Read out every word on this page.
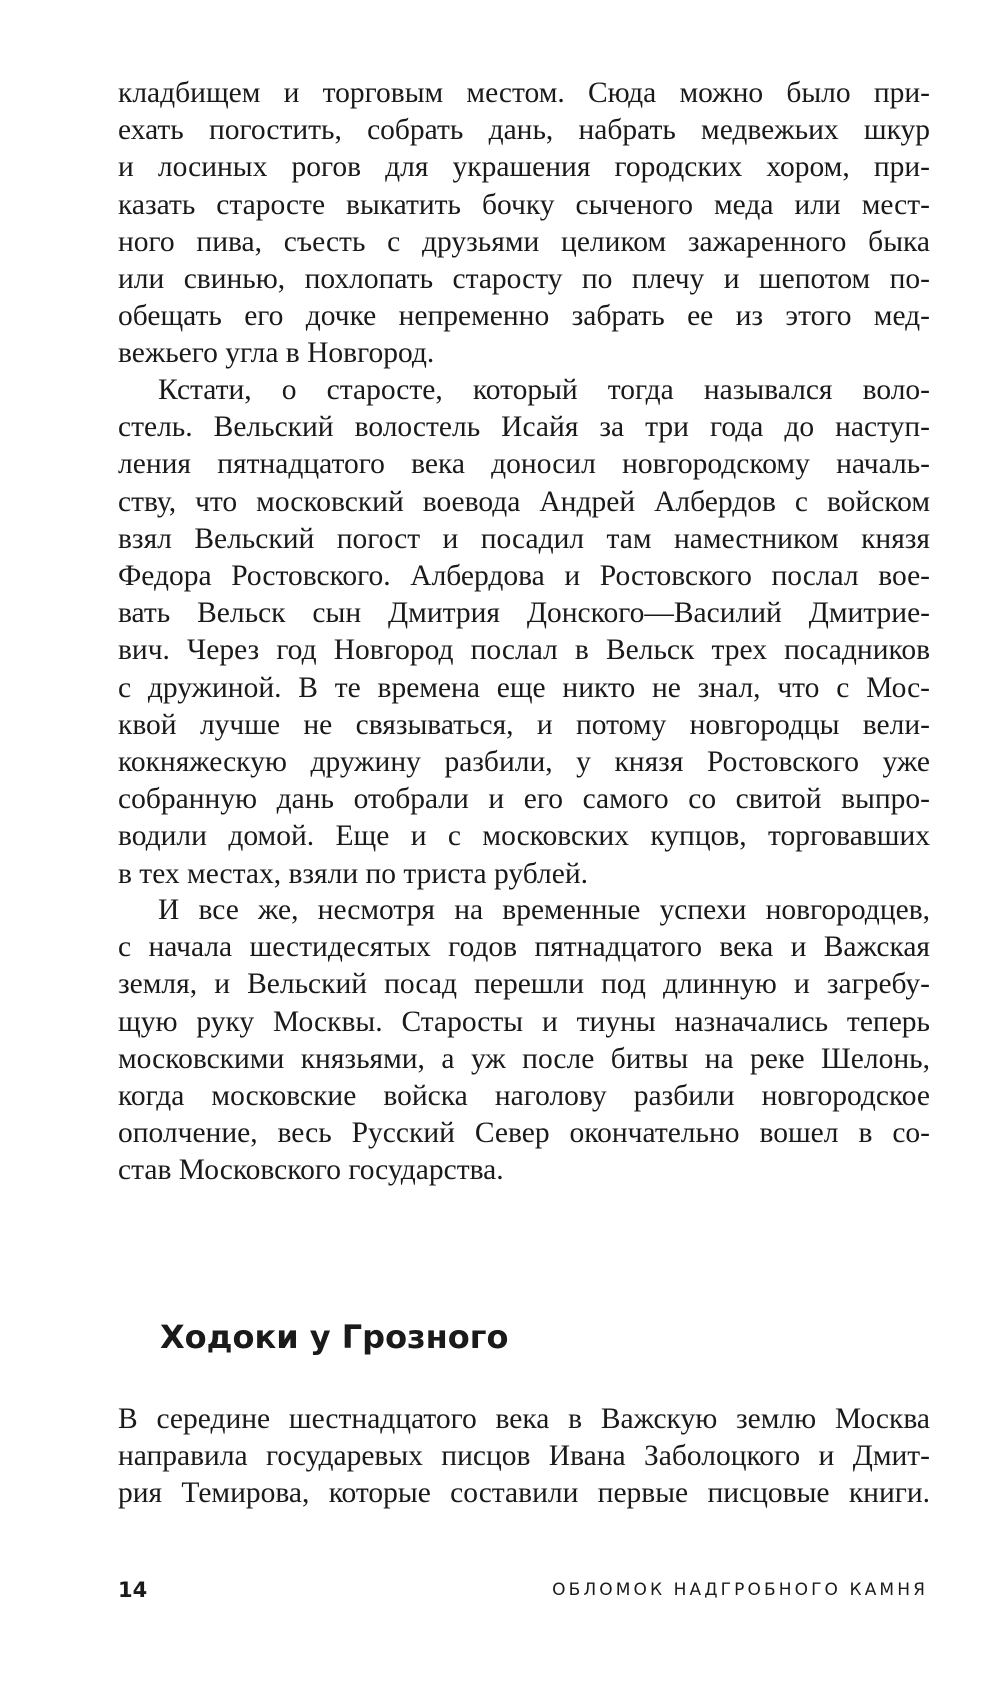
кладбищем и торговым местом. Сюда можно было при-
ехать погостить, собрать дань, набрать медвежьих шкур
и лосиных рогов для украшения городских хором, при-
казать старосте выкатить бочку сыченого меда или мест-
ного пива, съесть с друзьями целиком зажаренного быка
или свинью, похлопать старосту по плечу и шепотом по-
обещать его дочке непременно забрать ее из этого мед-
вежьего угла в Новгород.
Кстати, о старосте, который тогда назывался воло-
стель. Вельский волостель Исайя за три года до наступ-
ления пятнадцатого века доносил новгородскому началь-
ству, что московский воевода Андрей Албердов с войском
взял Вельский погост и посадил там наместником князя
Федора Ростовского. Албердова и Ростовского послал вое-
вать Вельск сын Дмитрия Донского—Василий Дмитрие-
вич. Через год Новгород послал в Вельск трех посадников
с дружиной. В те времена еще никто не знал, что с Мос-
квой лучше не связываться, и потому новгородцы вели-
кокняжескую дружину разбили, у князя Ростовского уже
собранную дань отобрали и его самого со свитой выпро-
водили домой. Еще и с московских купцов, торговавших
в тех местах, взяли по триста рублей.
И все же, несмотря на временные успехи новгородцев,
с начала шестидесятых годов пятнадцатого века и Важская
земля, и Вельский посад перешли под длинную и загребу-
щую руку Москвы. Старосты и тиуны назначались теперь
московскими князьями, а уж после битвы на реке Шелонь,
когда московские войска наголову разбили новгородское
ополчение, весь Русский Север окончательно вошел в со-
став Московского государства.
Ходоки у Грозного
В середине шестнадцатого века в Важскую землю Москва
направила государевых писцов Ивана Заболоцкого и Дмит-
рия Темирова, которые составили первые писцовые книги.
14	ОБЛОМОК НАДГРОБНОГО КАМНЯ
